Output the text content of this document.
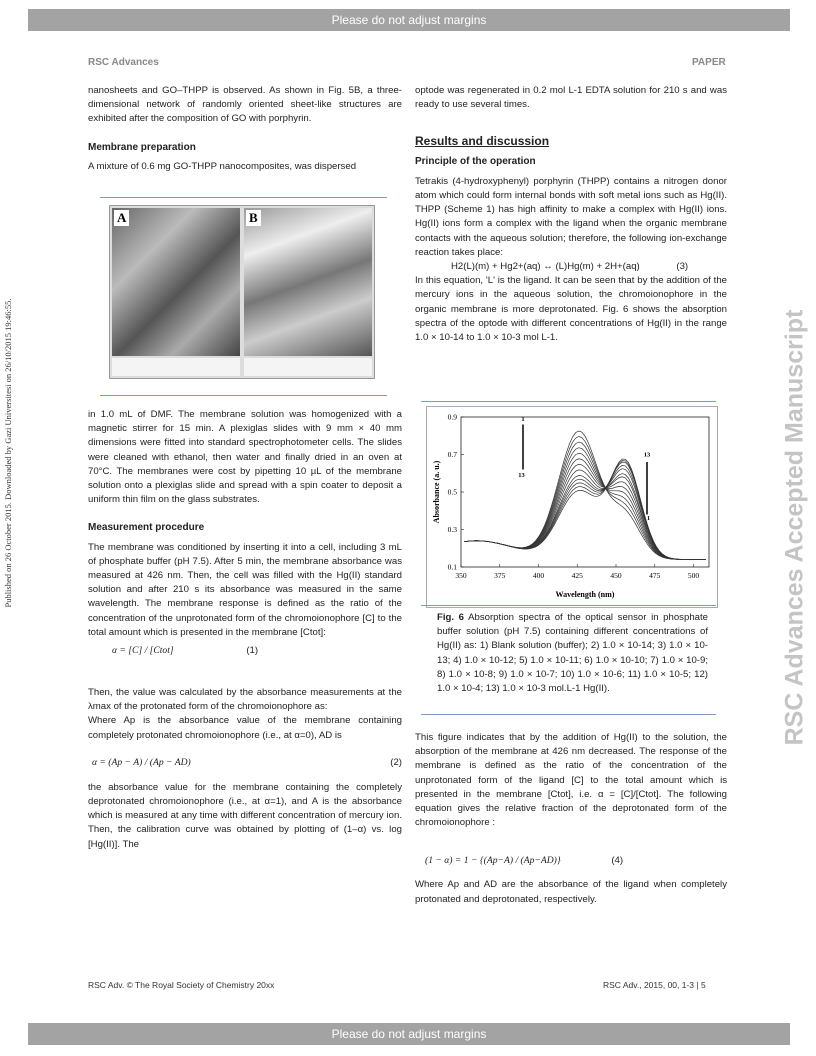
Please do not adjust margins
RSC Advances	PAPER
Published on 26 October 2015. Downloaded by Gazi Universitesi on 26/10/2015 19:46:55.	RSC Advances Accepted Manuscript

nanosheets and GO–THPP is observed. As shown in Fig. 5B, a three-dimensional network of randomly oriented sheet-like structures are exhibited after the composition of GO with porphyrin.

Membrane preparation

A mixture of 0.6 mg GO-THPP nanocomposites, was dispersed

A	B

in 1.0 mL of DMF. The membrane solution was homogenized with a magnetic stirrer for 15 min. A plexiglas slides with 9 mm × 40 mm dimensions were fitted into standard spectrophotometer cells. The slides were cleaned with ethanol, then water and finally dried in an oven at 70°C. The membranes were cost by pipetting 10 µL of the membrane solution onto a plexiglas slide and spread with a spin coater to deposit a uniform thin film on the glass substrates.

Measurement procedure

The membrane was conditioned by inserting it into a cell, including 3 mL of phosphate buffer (pH 7.5). After 5 min, the membrane absorbance was measured at 426 nm. Then, the cell was filled with the Hg(II) standard solution and after 210 s its absorbance was measured in the same wavelength. The membrane response is defined as the ratio of the concentration of the unprotonated form of the chromoionophore [C] to the total amount which is presented in the membrane [Ctot]:

α = [C] / [Ctot]	(1)

Then, the value was calculated by the absorbance measurements at the λmax of the protonated form of the chromoionophore as:

Where Ap is the absorbance value of the membrane containing completely protonated chromoionophore (i.e., at α=0), AD is

α = (Ap − A) / (Ap − AD)	(2)

the absorbance value for the membrane containing the completely deprotonated chromoionophore (i.e., at α=1), and A is the absorbance which is measured at any time with different concentration of mercury ion. Then, the calibration curve was obtained by plotting of (1–α) vs. log [Hg(II)]. The

optode was regenerated in 0.2 mol L-1 EDTA solution for 210 s and was ready to use several times.

Results and discussion

Principle of the operation

Tetrakis (4-hydroxyphenyl) porphyrin (THPP) contains a nitrogen donor atom which could form internal bonds with soft metal ions such as Hg(II). THPP (Scheme 1) has high affinity to make a complex with Hg(II) ions. Hg(II) ions form a complex with the ligand when the organic membrane contacts with the aqueous solution; therefore, the following ion-exchange reaction takes place:

H2(L)(m) + Hg2+(aq) ↔ (L)Hg(m) + 2H+(aq)	(3)

In this equation, 'L' is the ligand. It can be seen that by the addition of the mercury ions in the aqueous solution, the chromoionophore in the organic membrane is more deprotonated. Fig. 6 shows the absorption spectra of the optode with different concentrations of Hg(II) in the range 1.0 × 10-14 to 1.0 × 10-3 mol L-1.

350	375	400	425	450	475	500
0.1
0.3
0.5
0.7
0.9	1
13
13
1
Wavelength (nm)
Absorbance (a. u.)
Fig. 6 Absorption spectra of the optical sensor in phosphate buffer solution (pH 7.5) containing different concentrations of Hg(II) as: 1) Blank solution (buffer); 2) 1.0 × 10-14; 3) 1.0 × 10-13; 4) 1.0 × 10-12; 5) 1.0 × 10-11; 6) 1.0 × 10-10; 7) 1.0 × 10-9; 8) 1.0 × 10-8; 9) 1.0 × 10-7; 10) 1.0 × 10-6; 11) 1.0 × 10-5; 12) 1.0 × 10-4; 13) 1.0 × 10-3 mol.L-1 Hg(II).

This figure indicates that by the addition of Hg(II) to the solution, the absorption of the membrane at 426 nm decreased. The response of the membrane is defined as the ratio of the concentration of the unprotonated form of the ligand [C] to the total amount which is presented in the membrane [Ctot], i.e. α = [C]/[Ctot]. The following equation gives the relative fraction of the deprotonated form of the chromoionophore :

(1 − α) = 1 − {(Ap−A) / (Ap−AD)}	(4)

Where Ap and AD are the absorbance of the ligand when completely protonated and deprotonated, respectively.

RSC Adv. © The Royal Society of Chemistry 20xx	RSC Adv., 2015, 00, 1-3 | 5
Please do not adjust margins
